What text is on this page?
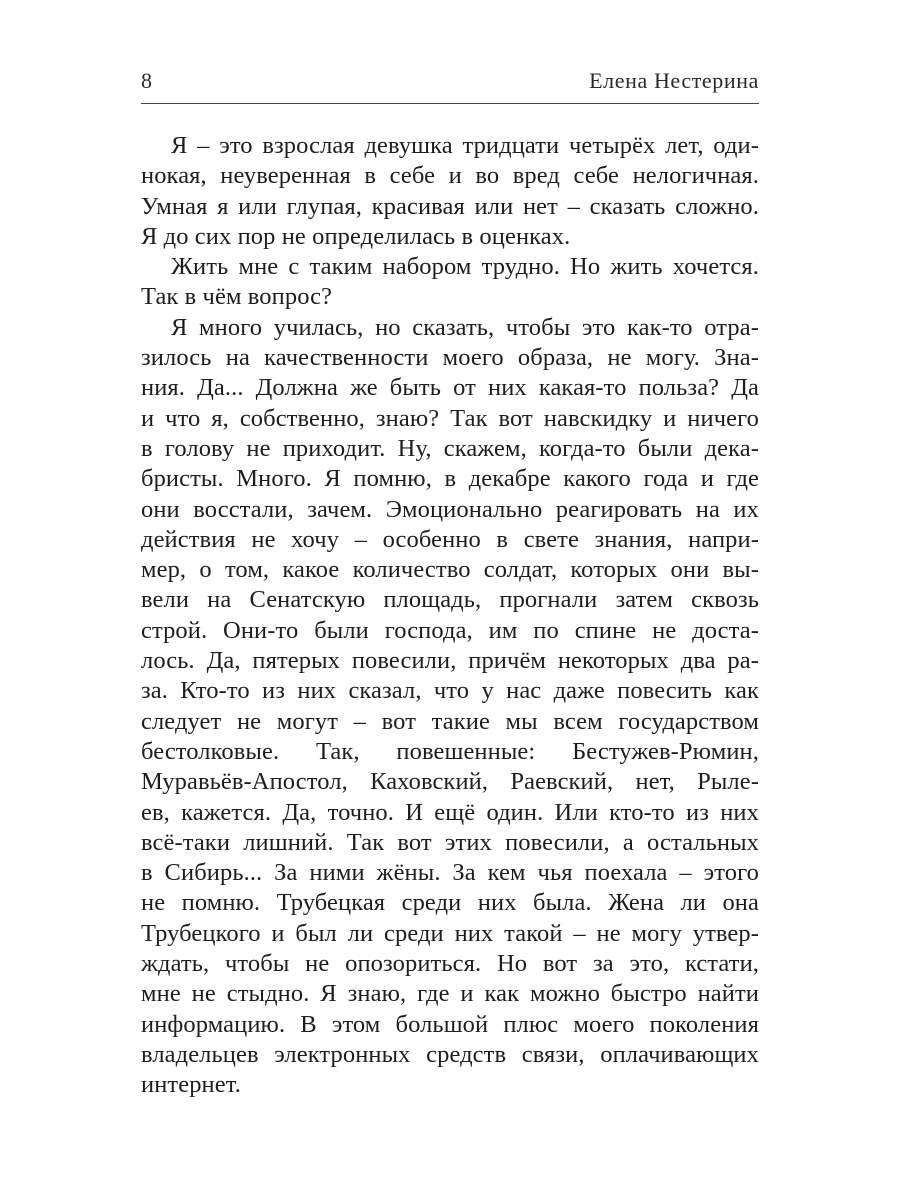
8	Елена Нестерина
Я – это взрослая девушка тридцати четырёх лет, оди-
нокая, неуверенная в себе и во вред себе нелогичная.
Умная я или глупая, красивая или нет – сказать сложно.
Я до сих пор не определилась в оценках.
Жить мне с таким набором трудно. Но жить хочется.
Так в чём вопрос?
Я много училась, но сказать, чтобы это как-то отра-
зилось на качественности моего образа, не могу. Зна-
ния. Да... Должна же быть от них какая-то польза? Да
и что я, собственно, знаю? Так вот навскидку и ничего
в голову не приходит. Ну, скажем, когда-то были дека-
бристы. Много. Я помню, в декабре какого года и где
они восстали, зачем. Эмоционально реагировать на их
действия не хочу – особенно в свете знания, напри-
мер, о том, какое количество солдат, которых они вы-
вели на Сенатскую площадь, прогнали затем сквозь
строй. Они-то были господа, им по спине не доста-
лось. Да, пятерых повесили, причём некоторых два ра-
за. Кто-то из них сказал, что у нас даже повесить как
следует не могут – вот такие мы всем государством
бестолковые. Так, повешенные: Бестужев-Рюмин,
Муравьёв-Апостол, Каховский, Раевский, нет, Рыле-
ев, кажется. Да, точно. И ещё один. Или кто-то из них
всё-таки лишний. Так вот этих повесили, а остальных
в Сибирь... За ними жёны. За кем чья поехала – этого
не помню. Трубецкая среди них была. Жена ли она
Трубецкого и был ли среди них такой – не могу утвер-
ждать, чтобы не опозориться. Но вот за это, кстати,
мне не стыдно. Я знаю, где и как можно быстро найти
информацию. В этом большой плюс моего поколения
владельцев электронных средств связи, оплачивающих
интернет.
